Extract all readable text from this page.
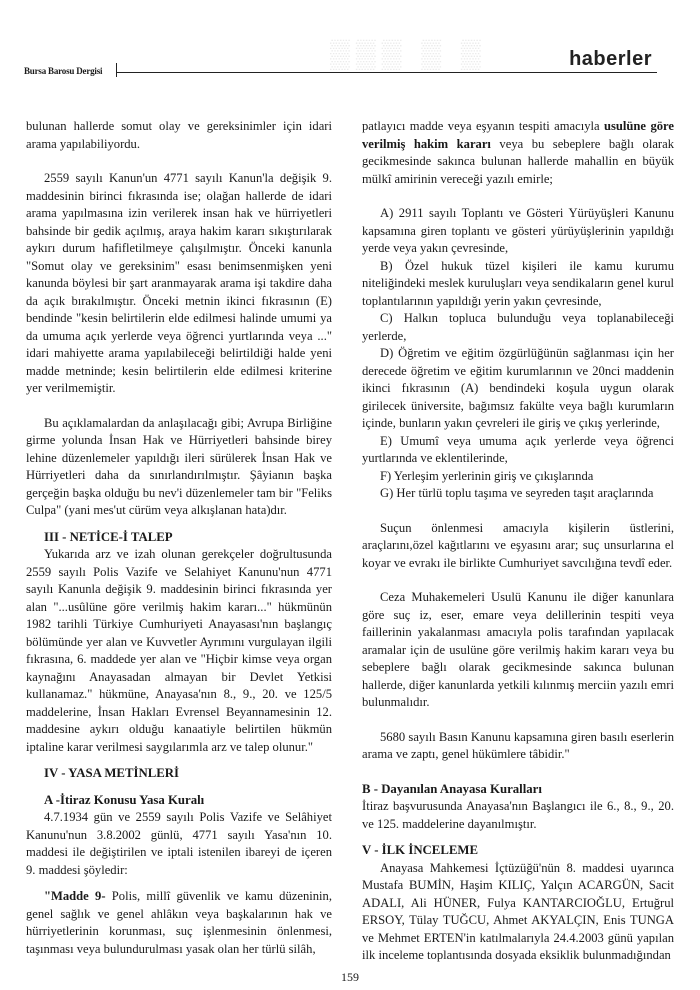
▒▒▒ ▒ ▒
Bursa Barosu Dergisi
haberler

bulunan hallerde somut olay ve gereksinimler için idari arama yapılabiliyordu.

2559 sayılı Kanun'un 4771 sayılı Kanun'la değişik 9. maddesinin birinci fıkrasında ise; olağan hallerde de idari arama yapılmasına izin verilerek insan hak ve hürriyetleri bahsinde bir gedik açılmış, araya hakim kararı sıkıştırılarak aykırı durum hafifletilmeye çalışılmıştır. Önceki kanunla "Somut olay ve gereksinim" esası benimsenmişken yeni kanunda böylesi bir şart aranmayarak arama işi takdire daha da açık bırakılmıştır. Önceki metnin ikinci fıkrasının (E) bendinde "kesin belirtilerin elde edilmesi halinde umumi ya da umuma açık yerlerde veya öğrenci yurtlarında veya ..." idari mahiyette arama yapılabileceği belirtildiği halde yeni madde metninde; kesin belirtilerin elde edilmesi kriterine yer verilmemiştir.

Bu açıklamalardan da anlaşılacağı gibi; Avrupa Birliğine girme yolunda İnsan Hak ve Hürriyetleri bahsinde birey lehine düzenlemeler yapıldığı ileri sürülerek İnsan Hak ve Hürriyetleri daha da sınırlandırılmıştır. Şâyianın başka gerçeğin başka olduğu bu nev'i düzenlemeler tam bir "Feliks Culpa" (yani mes'ut cürüm veya alkışlanan hata)dır.

III - NETİCE-İ TALEP

Yukarıda arz ve izah olunan gerekçeler doğrultusunda 2559 sayılı Polis Vazife ve Selahiyet Kanunu'nun 4771 sayılı Kanunla değişik 9. maddesinin birinci fıkrasında yer alan "...usûlüne göre verilmiş hakim kararı..." hükmünün 1982 tarihli Türkiye Cumhuriyeti Anayasası'nın başlangıç bölümünde yer alan ve Kuvvetler Ayrımını vurgulayan ilgili fıkrasına, 6. maddede yer alan ve "Hiçbir kimse veya organ kaynağını Anayasadan almayan bir Devlet Yetkisi kullanamaz." hükmüne, Anayasa'nın 8., 9., 20. ve 125/5 maddelerine, İnsan Hakları Evrensel Beyannamesinin 12. maddesine aykırı olduğu kanaatiyle belirtilen hükmün iptaline karar verilmesi saygılarımla arz ve talep olunur."

IV - YASA METİNLERİ

A -İtiraz Konusu Yasa Kuralı

4.7.1934 gün ve 2559 sayılı Polis Vazife ve Selâhiyet Kanunu'nun 3.8.2002 günlü, 4771 sayılı Yasa'nın 10. maddesi ile değiştirilen ve iptali istenilen ibareyi de içeren 9. maddesi şöyledir:

"Madde 9- Polis, millî güvenlik ve kamu düzeninin, genel sağlık ve genel ahlâkın veya başkalarının hak ve hürriyetlerinin korunması, suç işlenmesinin önlenmesi, taşınması veya bulundurulması yasak olan her türlü silâh,

patlayıcı madde veya eşyanın tespiti amacıyla usulüne göre verilmiş hakim kararı veya bu sebeplere bağlı olarak gecikmesinde sakınca bulunan hallerde mahallin en büyük mülkî amirinin vereceği yazılı emirle;

A) 2911 sayılı Toplantı ve Gösteri Yürüyüşleri Kanunu kapsamına giren toplantı ve gösteri yürüyüşlerinin yapıldığı yerde veya yakın çevresinde,

B) Özel hukuk tüzel kişileri ile kamu kurumu niteliğindeki meslek kuruluşları veya sendikaların genel kurul toplantılarının yapıldığı yerin yakın çevresinde,

C) Halkın topluca bulunduğu veya toplanabileceği yerlerde,

D) Öğretim ve eğitim özgürlüğünün sağlanması için her derecede öğretim ve eğitim kurumlarının ve 20nci maddenin ikinci fıkrasının (A) bendindeki koşula uygun olarak girilecek üniversite, bağımsız fakülte veya bağlı kurumların içinde, bunların yakın çevreleri ile giriş ve çıkış yerlerinde,

E) Umumî veya umuma açık yerlerde veya öğrenci yurtlarında ve eklentilerinde,

F) Yerleşim yerlerinin giriş ve çıkışlarında

G) Her türlü toplu taşıma ve seyreden taşıt araçlarında

Suçun önlenmesi amacıyla kişilerin üstlerini, araçlarını,özel kağıtlarını ve eşyasını arar; suç unsurlarına el koyar ve evrakı ile birlikte Cumhuriyet savcılığına tevdî eder.

Ceza Muhakemeleri Usulü Kanunu ile diğer kanunlara göre suç iz, eser, emare veya delillerinin tespiti veya faillerinin yakalanması amacıyla polis tarafından yapılacak aramalar için de usulüne göre verilmiş hakim kararı veya bu sebeplere bağlı olarak gecikmesinde sakınca bulunan hallerde, diğer kanunlarda yetkili kılınmış merciin yazılı emri bulunmalıdır.

5680 sayılı Basın Kanunu kapsamına giren basılı eserlerin arama ve zaptı, genel hükümlere tâbidir."

B - Dayanılan Anayasa Kuralları

İtiraz başvurusunda Anayasa'nın Başlangıcı ile 6., 8., 9., 20. ve 125. maddelerine dayanılmıştır.

V - İLK İNCELEME

Anayasa Mahkemesi İçtüzüğü'nün 8. maddesi uyarınca Mustafa BUMİN, Haşim KILIÇ, Yalçın ACARGÜN, Sacit ADALI, Ali HÜNER, Fulya KANTARCIOĞLU, Ertuğrul ERSOY, Tülay TUĞCU, Ahmet AKYALÇIN, Enis TUNGA ve Mehmet ERTEN'in katılmalarıyla 24.4.2003 günü yapılan ilk inceleme toplantısında dosyada eksiklik bulunmadığından

159
